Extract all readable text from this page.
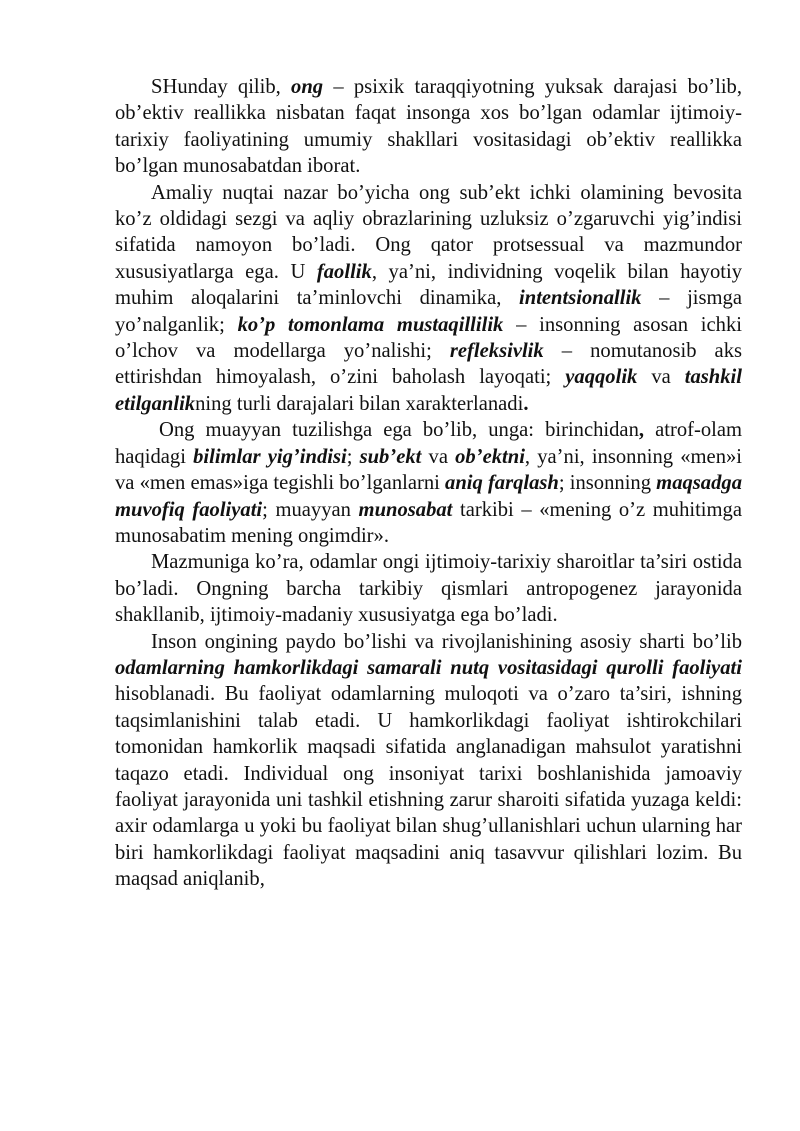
SHunday qilib, ong – psixik taraqqiyotning yuksak darajasi bo’lib, ob’ektiv reallikka nisbatan faqat insonga xos bo’lgan odamlar ijtimoiy-tarixiy faoliyatining umumiy shakllari vositasidagi ob’ektiv reallikka bo’lgan munosabatdan iborat.

Amaliy nuqtai nazar bo’yicha ong sub’ekt ichki olamining bevosita ko’z oldidagi sezgi va aqliy obrazlarining uzluksiz o’zgaruvchi yig’indisi sifatida namoyon bo’ladi. Ong qator protsessual va mazmundor xususiyatlarga ega. U faollik, ya’ni, individning voqelik bilan hayotiy muhim aloqalarini ta’minlovchi dinamika, intentsionallik – jismga yo’nalganlik; ko’p tomonlama mustaqillilik – insonning asosan ichki o’lchov va modellarga yo’nalishi; refleksivlik – nomutanosib aks ettirishdan himoyalash, o’zini baholash layoqati; yaqqolik va tashkil etilganlikning turli darajalari bilan xarakterlanadi.

Ong muayyan tuzilishga ega bo’lib, unga: birinchidan, atrof-olam haqidagi bilimlar yig’indisi; sub’ekt va ob’ektni, ya’ni, insonning «men»i va «men emas»iga tegishli bo’lganlarni aniq farqlash; insonning maqsadga muvofiq faoliyati; muayyan munosabat tarkibi – «mening o’z muhitimga munosabatim mening ongimdir».

Mazmuniga ko’ra, odamlar ongi ijtimoiy-tarixiy sharoitlar ta’siri ostida bo’ladi. Ongning barcha tarkibiy qismlari antropogenez jarayonida shakllanib, ijtimoiy-madaniy xususiyatga ega bo’ladi.

Inson ongining paydo bo’lishi va rivojlanishining asosiy sharti bo’lib odamlarning hamkorlikdagi samarali nutq vositasidagi qurolli faoliyati hisoblanadi. Bu faoliyat odamlarning muloqoti va o’zaro ta’siri, ishning taqsimlanishini talab etadi. U hamkorlikdagi faoliyat ishtirokchilari tomonidan hamkorlik maqsadi sifatida anglanadigan mahsulot yaratishni taqazo etadi. Individual ong insoniyat tarixi boshlanishida jamoaviy faoliyat jarayonida uni tashkil etishning zarur sharoiti sifatida yuzaga keldi: axir odamlarga u yoki bu faoliyat bilan shug’ullanishlari uchun ularning har biri hamkorlikdagi faoliyat maqsadini aniq tasavvur qilishlari lozim. Bu maqsad aniqlanib,
